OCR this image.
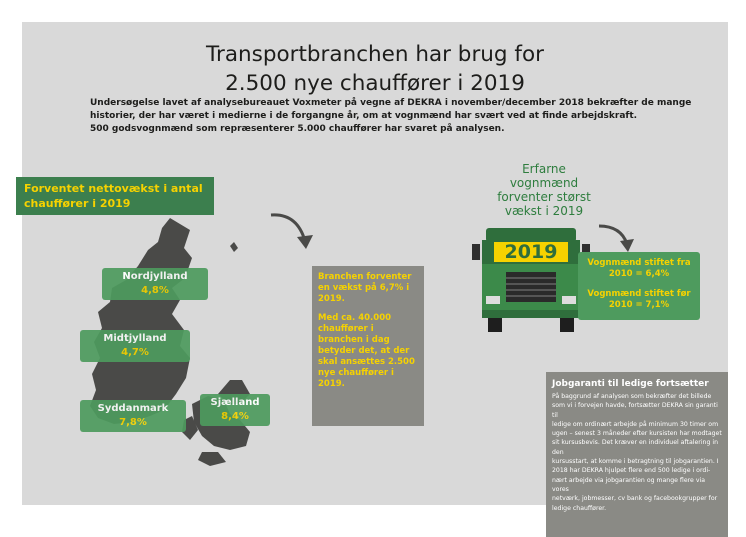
Transportbranchen har brug for
2.500 nye chauffører i 2019
Undersøgelse lavet af analysebureauet Voxmeter på vegne af DEKRA i november/december 2018 bekræfter de mange
historier, der har været i medierne i de forgangne år, om at vognmænd har svært ved at finde arbejdskraft.
500 godsvognmænd som repræsenterer 5.000 chauffører har svaret på analysen.
Forventet nettovækst i antal
chauffører i 2019
Nordjylland
4,8%
Midtjylland
4,7%
Syddanmark
7,8%
Sjælland
8,4%

Branchen forventer en vækst på 6,7% i 2019.

Med ca. 40.000 chauffører i branchen i dag betyder det, at der skal ansættes 2.500 nye chauffører i 2019.

Erfarne
vognmænd
forventer størst
vækst i 2019
2019	Vognmænd stiftet fra
2010 = 6,4%
Vognmænd stiftet før
2010 = 7,1%
Jobgaranti til ledige fortsætter
På baggrund af analysen som bekræfter det billede
som vi i forvejen havde, fortsætter DEKRA sin garanti til
ledige om ordinært arbejde på minimum 30 timer om
ugen – senest 3 måneder efter kursisten har modtaget
sit kursusbevis. Det kræver en individuel aftalering in den
kursusstart, at komme i betragtning til jobgarantien. I
2018 har DEKRA hjulpet flere end 500 ledige i ordi-
nært arbejde via jobgarantien og mange flere via vores
netværk, jobmesser, cv bank og facebookgrupper for
ledige chauffører.
